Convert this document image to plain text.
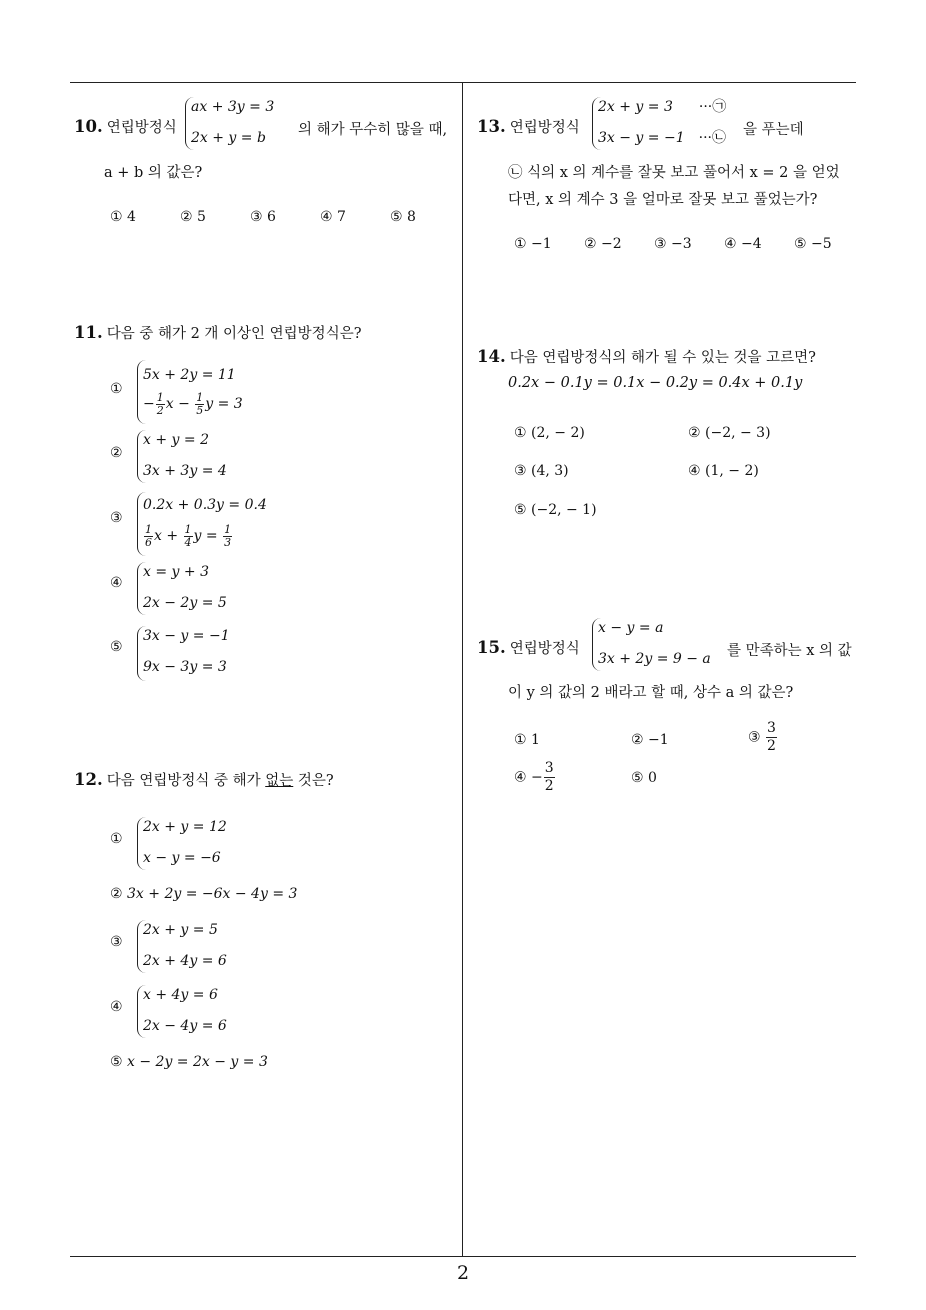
2
10. 연립방정식
ax + 3y = 3
2x + y = b	의 해가 무수히 많을 때,
a + b 의 값은?
① 4	② 5	③ 6	④ 7	⑤ 8
11. 다음 중 해가 2 개 이상인 연립방정식은?
①
5x + 2y = 11
− $\frac{1}{2}$ $x - \frac{1}{5}$ y = 3
②
x + y = 2
3x + 3y = 4
③
0.2x + 0.3y = 0.4
$\frac{1}{6}$ $x + \frac{1}{4}$ $y = \frac{1}{3}$
④
x = y + 3
2x − 2y = 5
⑤
3x − y = −1
9x − 3y = 3
12. 다음 연립방정식 중 해가 없는 것은?
①
2x + y = 12
x − y = −6
② 3x + 2y = −6x − 4y = 3
③
2x + y = 5
2x + 4y = 6
④
x + 4y = 6
2x − 4y = 6
⑤ x − 2y = 2x − y = 3
13. 연립방정식
2x + y = 3 ···㉠
3x − y = −1 ···㉡ 을 푸는데
㉡ 식의 x 의 계수를 잘못 보고 풀어서 x = 2 을 얻었
다면, x 의 계수 3 을 얼마로 잘못 보고 풀었는가?
① −1 ② −2 ③ −3 ④ −4 ⑤ −5
14. 다음 연립방정식의 해가 될 수 있는 것을 고르면?
0.2x − 0.1y = 0.1x − 0.2y = 0.4x + 0.1y
① (2, − 2)	② (−2, − 3)
③ (4, 3)	④ (1, − 2)
⑤ (−2, − 1)
15. 연립방정식
x − y = a
3x + 2y = 9 − a 를 만족하는 x 의 값
이 y 의 값의 2 배라고 할 때, 상수 a 의 값은?
① 1	② −1	③ $\frac{3}{2}$
④ − $\frac{3}{2}$	⑤ 0
